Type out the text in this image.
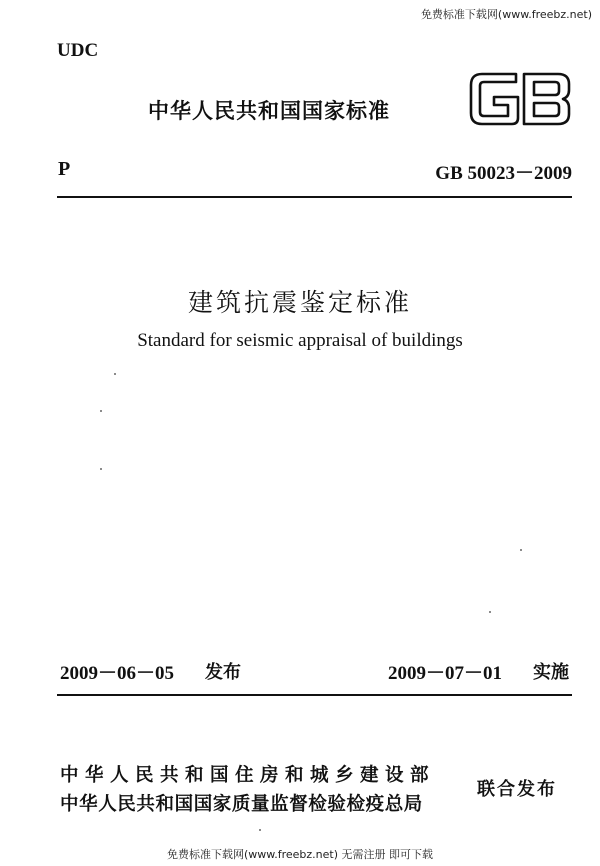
免费标准下载网(www.freebz.net)
UDC
中华人民共和国国家标准
P	GB 50023－2009
建筑抗震鉴定标准
Standard for seismic appraisal of buildings
2009－06－05 发布	2009－07－01 实施
中华人民共和国住房和城乡建设部
中华人民共和国国家质量监督检验检疫总局
联合发布
免费标准下载网(www.freebz.net) 无需注册 即可下载
